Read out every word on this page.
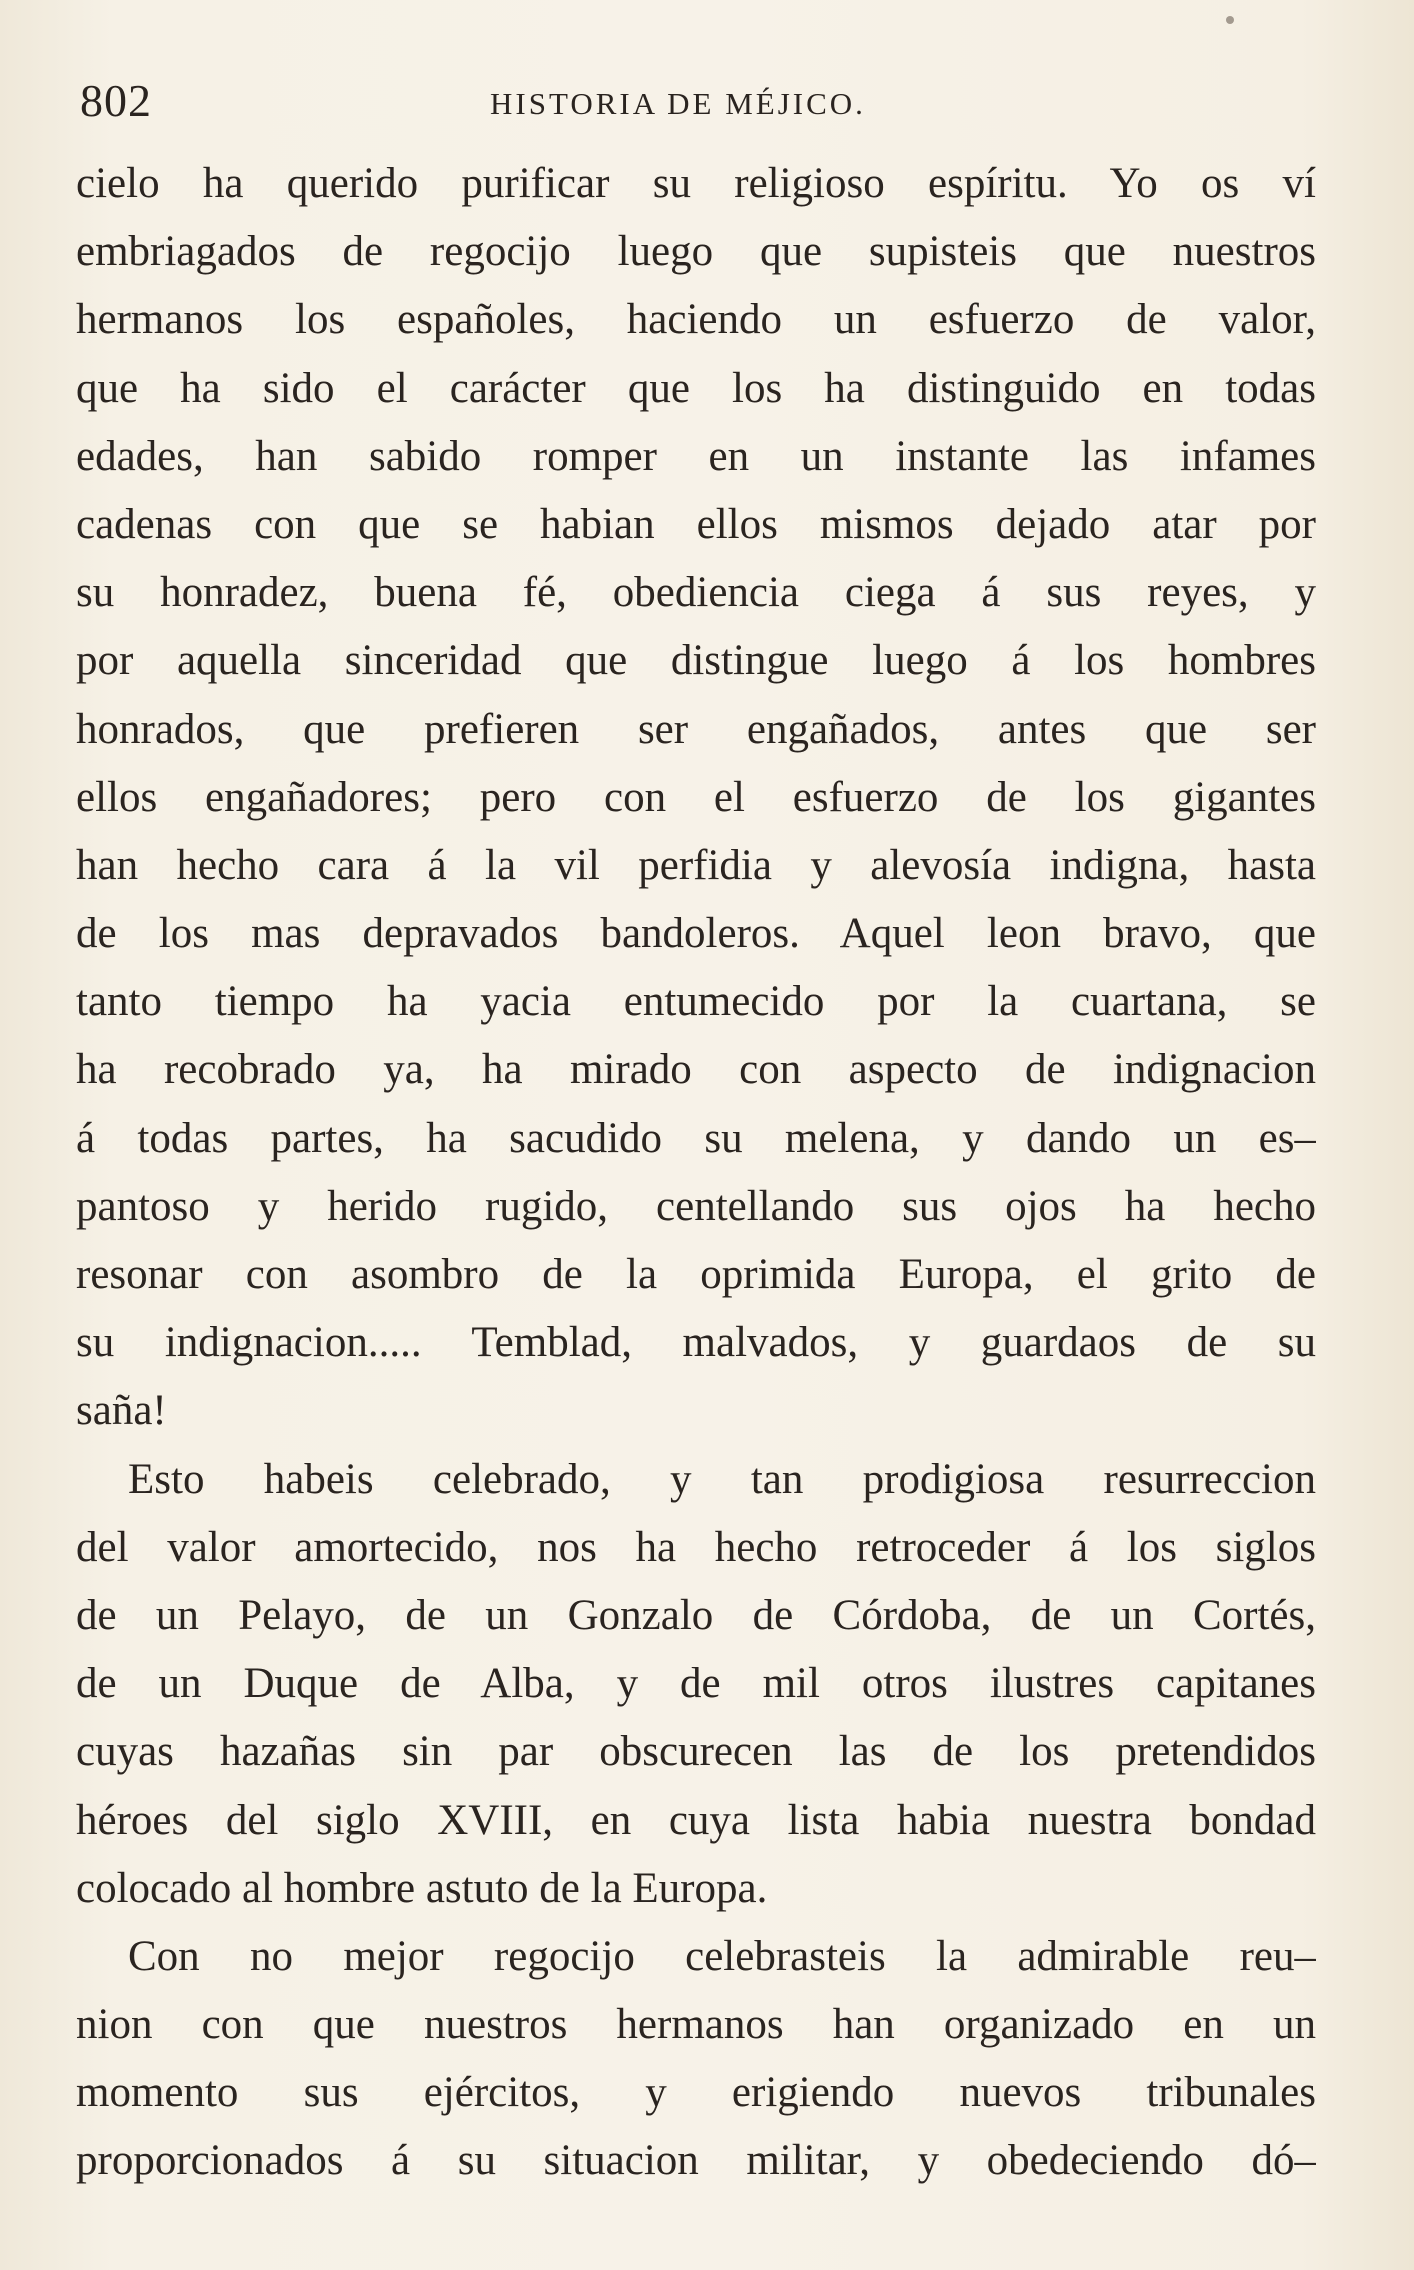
802	HISTORIA DE MÉJICO.
cielo ha querido purificar su religioso espíritu. Yo os ví
embriagados de regocijo luego que supisteis que nuestros
hermanos los españoles, haciendo un esfuerzo de valor,
que ha sido el carácter que los ha distinguido en todas
edades, han sabido romper en un instante las infames
cadenas con que se habian ellos mismos dejado atar por
su honradez, buena fé, obediencia ciega á sus reyes, y
por aquella sinceridad que distingue luego á los hombres
honrados, que prefieren ser engañados, antes que ser
ellos engañadores; pero con el esfuerzo de los gigantes
han hecho cara á la vil perfidia y alevosía indigna, hasta
de los mas depravados bandoleros. Aquel leon bravo, que
tanto tiempo ha yacia entumecido por la cuartana, se
ha recobrado ya, ha mirado con aspecto de indignacion
á todas partes, ha sacudido su melena, y dando un es–
pantoso y herido rugido, centellando sus ojos ha hecho
resonar con asombro de la oprimida Europa, el grito de
su indignacion..... Temblad, malvados, y guardaos de su
saña!
Esto habeis celebrado, y tan prodigiosa resurreccion
del valor amortecido, nos ha hecho retroceder á los siglos
de un Pelayo, de un Gonzalo de Córdoba, de un Cortés,
de un Duque de Alba, y de mil otros ilustres capitanes
cuyas hazañas sin par obscurecen las de los pretendidos
héroes del siglo XVIII, en cuya lista habia nuestra bondad
colocado al hombre astuto de la Europa.
Con no mejor regocijo celebrasteis la admirable reu–
nion con que nuestros hermanos han organizado en un
momento sus ejércitos, y erigiendo nuevos tribunales
proporcionados á su situacion militar, y obedeciendo dó–
